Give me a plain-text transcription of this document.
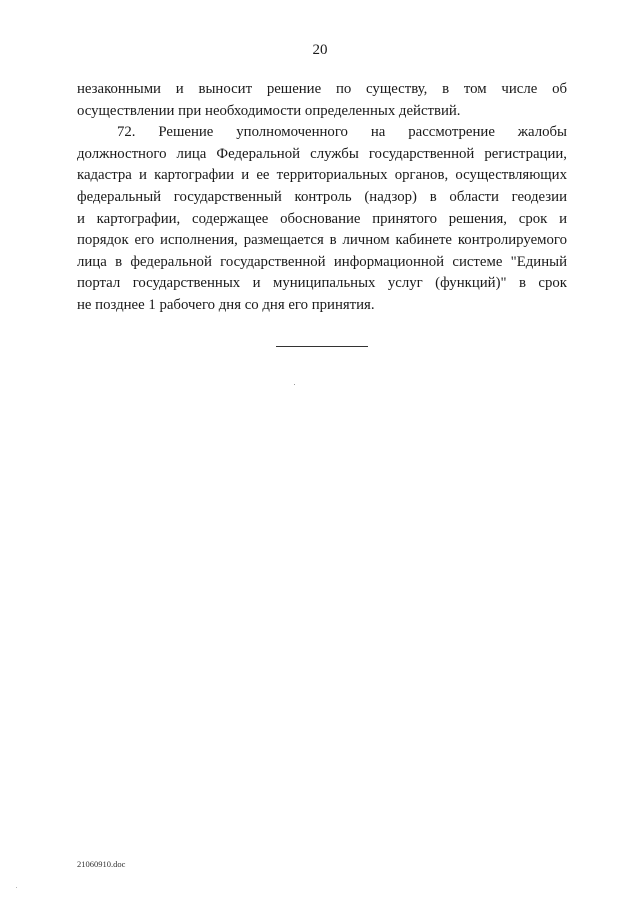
20
незаконными и выносит решение по существу, в том числе об
осуществлении при необходимости определенных действий.
72. Решение уполномоченного на рассмотрение жалобы
должностного лица Федеральной службы государственной регистрации,
кадастра и картографии и ее территориальных органов, осуществляющих
федеральный государственный контроль (надзор) в области геодезии
и картографии, содержащее обоснование принятого решения, срок и
порядок его исполнения, размещается в личном кабинете контролируемого
лица в федеральной государственной информационной системе "Единый
портал государственных и муниципальных услуг (функций)" в срок
не позднее 1 рабочего дня со дня его принятия.
21060910.doc
